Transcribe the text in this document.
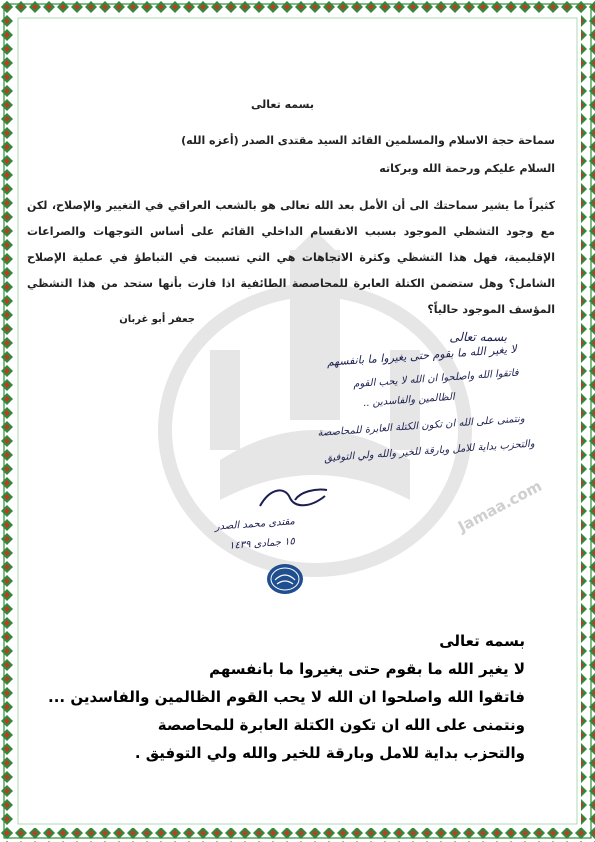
Jamaa.com
بسمه تعالى
سماحة حجة الاسلام والمسلمين القائد السيد مقتدى الصدر (أعزه الله)
السلام عليكم ورحمة الله وبركاته
كثيراً ما يشير سماحتك الى أن الأمل بعد الله تعالى هو بالشعب العراقي في التغيير والإصلاح، لكن مع وجود التشظي الموجود بسبب الانقسام الداخلي القائم على أساس التوجهات والصراعات الإقليمية، فهل هذا التشظي وكثرة الاتجاهات هي التي تسببت في التباطؤ في عملية الإصلاح الشامل؟ وهل ستضمن الكتلة العابرة للمحاصصة الطائفية اذا فازت بأنها ستحد من هذا التشظي المؤسف الموجود حالياً؟
جعفر أبو غربان
بسمه تعالى
لا يغير الله ما بقوم حتى يغيروا ما بانفسهم
فاتقوا الله واصلحوا ان الله لا يحب القوم
الظالمين والفاسدين ..
ونتمنى على الله ان تكون الكتلة العابرة للمحاصصة
والتحزب بداية للامل وبارقة للخير والله ولي التوفيق
مقتدى محمد الصدر
١٥ جمادى ١٤٣٩
بسمه تعالى
لا يغير الله ما بقوم حتى يغيروا ما بانفسهم
فاتقوا الله واصلحوا ان الله لا يحب القوم الظالمين والفاسدين ...
ونتمنى على الله ان تكون الكتلة العابرة للمحاصصة
والتحزب بداية للامل وبارقة للخير والله ولي التوفيق .
